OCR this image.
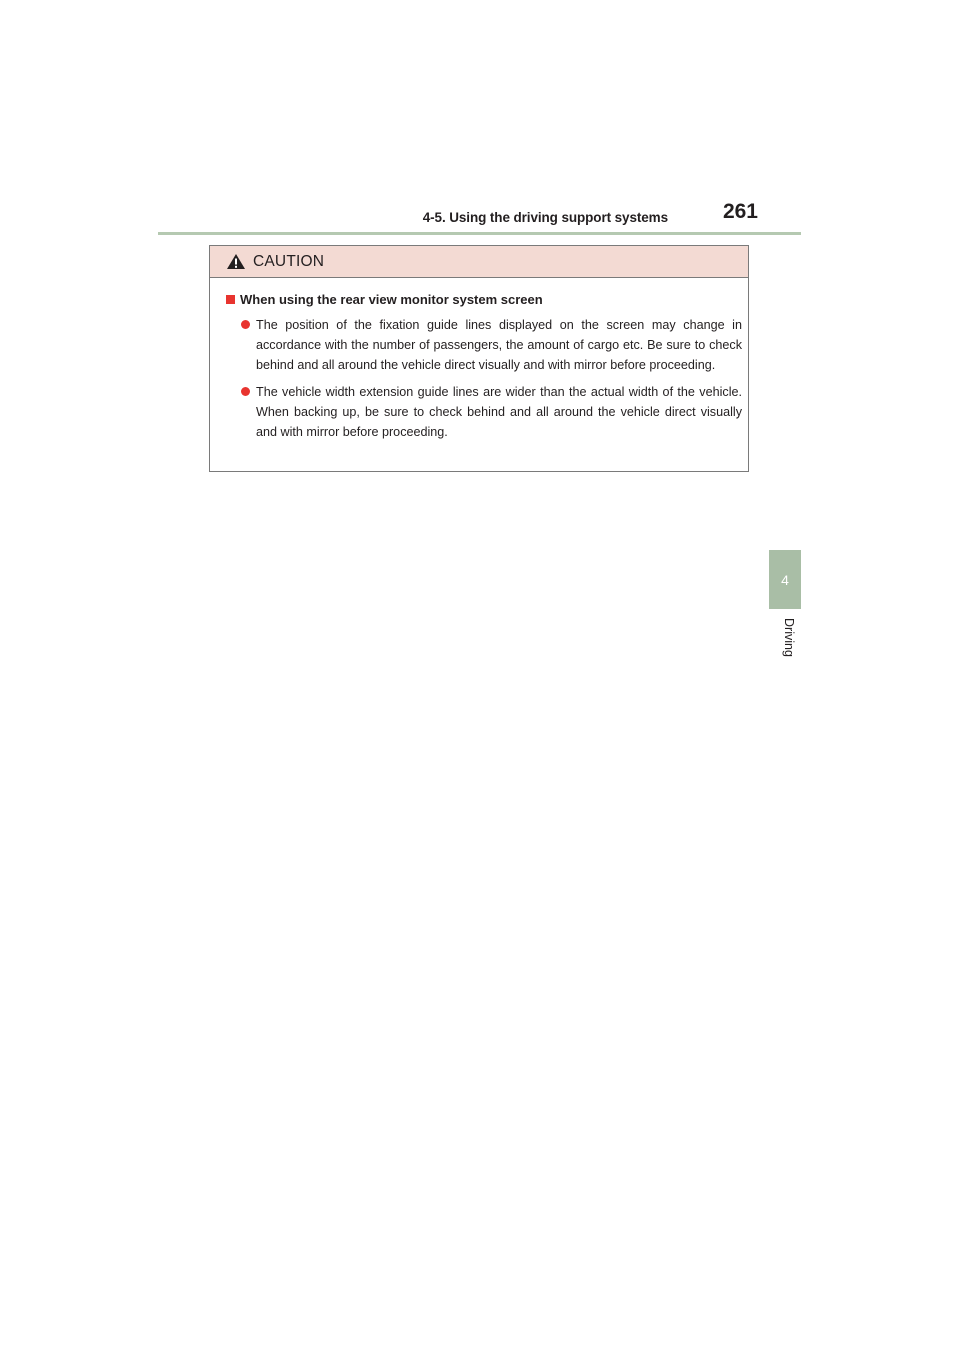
4-5. Using the driving support systems	261
4
Driving
CAUTION
When using the rear view monitor system screen
The position of the fixation guide lines displayed on the screen may change in accordance with the number of passengers, the amount of cargo etc. Be sure to check behind and all around the vehicle direct visually and with mirror before proceeding.
The vehicle width extension guide lines are wider than the actual width of the vehicle. When backing up, be sure to check behind and all around the vehicle direct visually and with mirror before proceeding.
